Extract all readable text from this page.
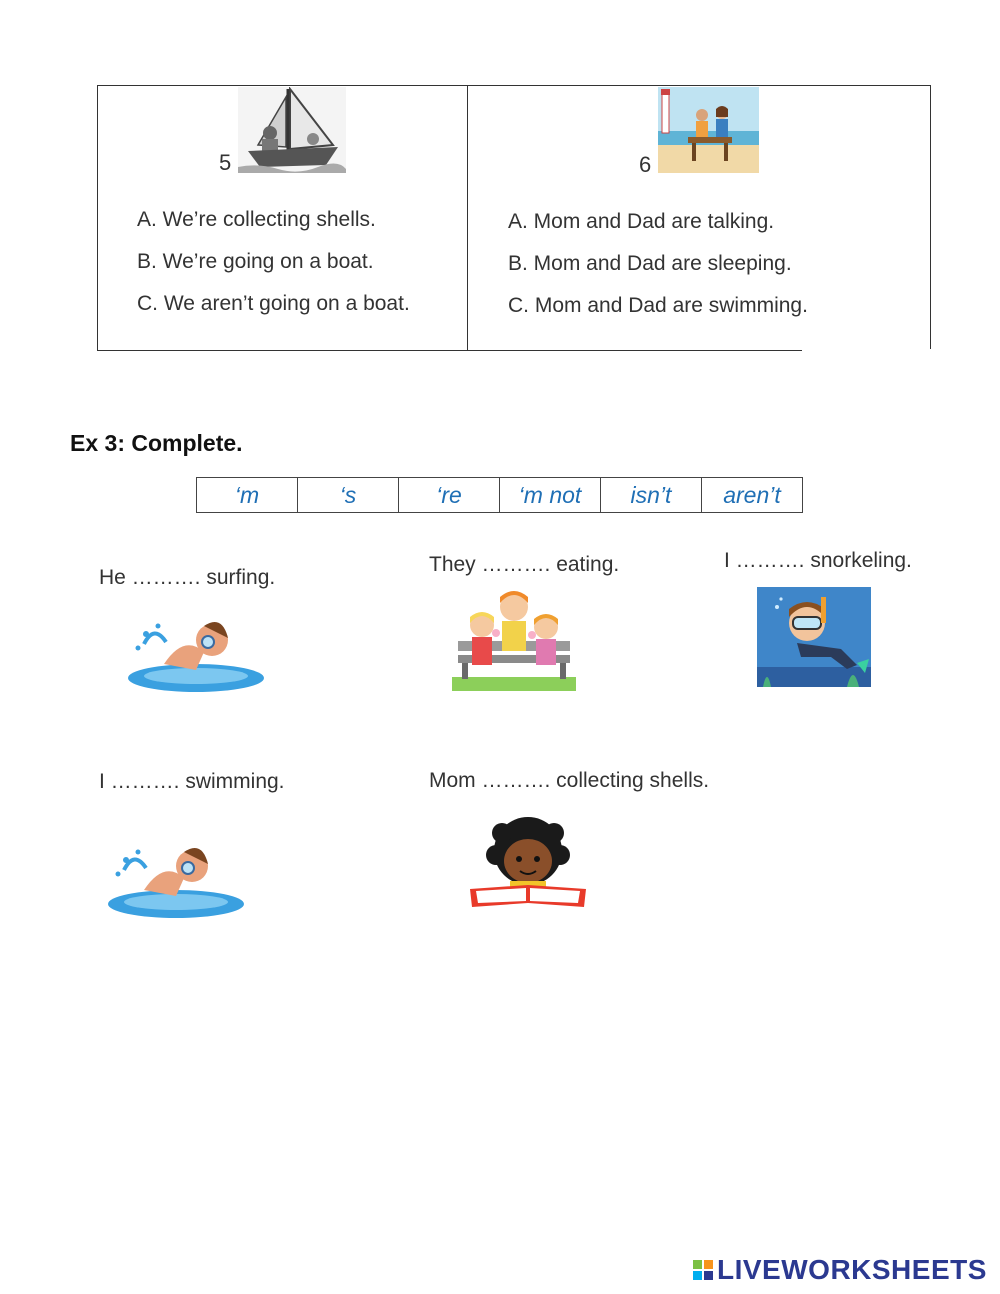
5
A. We’re collecting shells.
B. We’re going on a boat.
C. We aren’t going on a boat.
6
A. Mom and Dad are talking.
B. Mom and Dad are sleeping.
C. Mom and Dad are swimming.
Ex 3: Complete.
‘m	‘s	‘re	‘m not	isn’t	aren’t
He ………. surfing.
They ………. eating.	I ………. snorkeling.
I ………. swimming.	Mom ………. collecting shells.
LIVEWORKSHEETS
